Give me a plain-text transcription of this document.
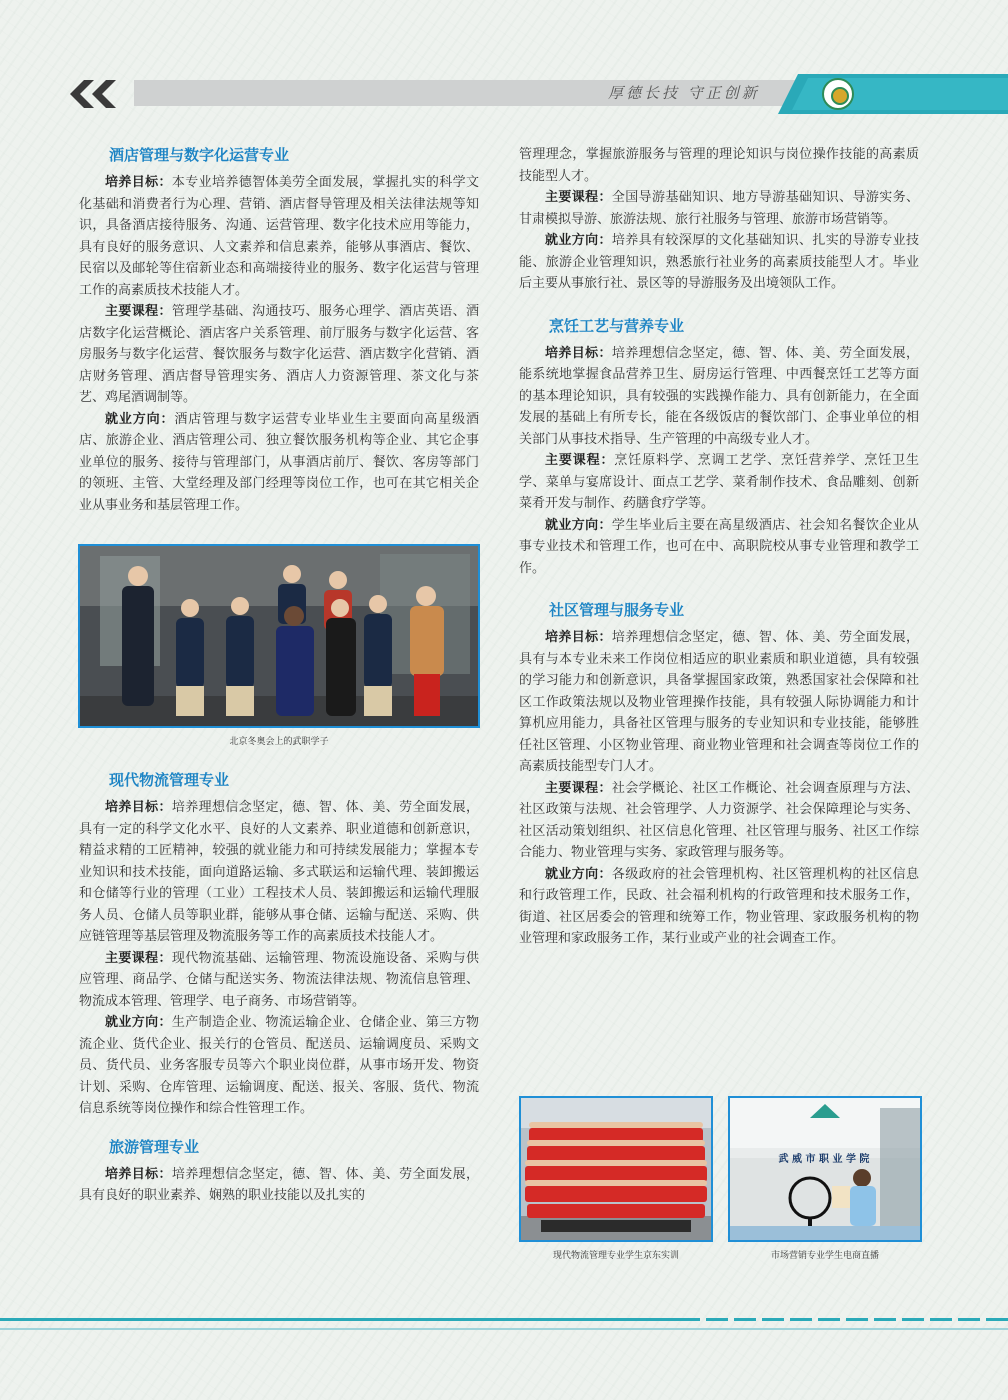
厚德长技 守正创新
酒店管理与数字化运营专业

培养目标：本专业培养德智体美劳全面发展，掌握扎实的科学文化基础和消费者行为心理、营销、酒店督导管理及相关法律法规等知识，具备酒店接待服务、沟通、运营管理、数字化技术应用等能力，具有良好的服务意识、人文素养和信息素养，能够从事酒店、餐饮、民宿以及邮轮等住宿新业态和高端接待业的服务、数字化运营与管理工作的高素质技术技能人才。

主要课程：管理学基础、沟通技巧、服务心理学、酒店英语、酒店数字化运营概论、酒店客户关系管理、前厅服务与数字化运营、客房服务与数字化运营、餐饮服务与数字化运营、酒店数字化营销、酒店财务管理、酒店督导管理实务、酒店人力资源管理、茶文化与茶艺、鸡尾酒调制等。

就业方向：酒店管理与数字运营专业毕业生主要面向高星级酒店、旅游企业、酒店管理公司、独立餐饮服务机构等企业、其它企事业单位的服务、接待与管理部门，从事酒店前厅、餐饮、客房等部门的领班、主管、大堂经理及部门经理等岗位工作，也可在其它相关企业从事业务和基层管理工作。

北京冬奥会上的武职学子
现代物流管理专业

培养目标：培养理想信念坚定，德、智、体、美、劳全面发展，具有一定的科学文化水平、良好的人文素养、职业道德和创新意识，精益求精的工匠精神，较强的就业能力和可持续发展能力；掌握本专业知识和技术技能，面向道路运输、多式联运和运输代理、装卸搬运和仓储等行业的管理（工业）工程技术人员、装卸搬运和运输代理服务人员、仓储人员等职业群，能够从事仓储、运输与配送、采购、供应链管理等基层管理及物流服务等工作的高素质技术技能人才。

主要课程：现代物流基础、运输管理、物流设施设备、采购与供应管理、商品学、仓储与配送实务、物流法律法规、物流信息管理、物流成本管理、管理学、电子商务、市场营销等。

就业方向：生产制造企业、物流运输企业、仓储企业、第三方物流企业、货代企业、报关行的仓管员、配送员、运输调度员、采购文员、货代员、业务客服专员等六个职业岗位群，从事市场开发、物资计划、采购、仓库管理、运输调度、配送、报关、客服、货代、物流信息系统等岗位操作和综合性管理工作。

旅游管理专业

培养目标：培养理想信念坚定，德、智、体、美、劳全面发展，具有良好的职业素养、娴熟的职业技能以及扎实的

管理理念，掌握旅游服务与管理的理论知识与岗位操作技能的高素质技能型人才。

主要课程：全国导游基础知识、地方导游基础知识、导游实务、甘肃模拟导游、旅游法规、旅行社服务与管理、旅游市场营销等。

就业方向：培养具有较深厚的文化基础知识、扎实的导游专业技能、旅游企业管理知识，熟悉旅行社业务的高素质技能型人才。毕业后主要从事旅行社、景区等的导游服务及出境领队工作。

烹饪工艺与营养专业

培养目标：培养理想信念坚定，德、智、体、美、劳全面发展，能系统地掌握食品营养卫生、厨房运行管理、中西餐烹饪工艺等方面的基本理论知识，具有较强的实践操作能力、具有创新能力，在全面发展的基础上有所专长，能在各级饭店的餐饮部门、企事业单位的相关部门从事技术指导、生产管理的中高级专业人才。

主要课程：烹饪原料学、烹调工艺学、烹饪营养学、烹饪卫生学、菜单与宴席设计、面点工艺学、菜肴制作技术、食品雕刻、创新菜肴开发与制作、药膳食疗学等。

就业方向：学生毕业后主要在高星级酒店、社会知名餐饮企业从事专业技术和管理工作，也可在中、高职院校从事专业管理和教学工作。

社区管理与服务专业

培养目标：培养理想信念坚定，德、智、体、美、劳全面发展，具有与本专业未来工作岗位相适应的职业素质和职业道德，具有较强的学习能力和创新意识，具备掌握国家政策，熟悉国家社会保障和社区工作政策法规以及物业管理操作技能，具有较强人际协调能力和计算机应用能力，具备社区管理与服务的专业知识和专业技能，能够胜任社区管理、小区物业管理、商业物业管理和社会调查等岗位工作的高素质技能型专门人才。

主要课程：社会学概论、社区工作概论、社会调查原理与方法、社区政策与法规、社会管理学、人力资源学、社会保障理论与实务、社区活动策划组织、社区信息化管理、社区管理与服务、社区工作综合能力、物业管理与实务、家政管理与服务等。

就业方向：各级政府的社会管理机构、社区管理机构的社区信息和行政管理工作，民政、社会福利机构的行政管理和技术服务工作，街道、社区居委会的管理和统筹工作，物业管理、家政服务机构的物业管理和家政服务工作，某行业或产业的社会调查工作。

现代物流管理专业学生京东实训
武 威 市 职 业 学 院
市场营销专业学生电商直播
